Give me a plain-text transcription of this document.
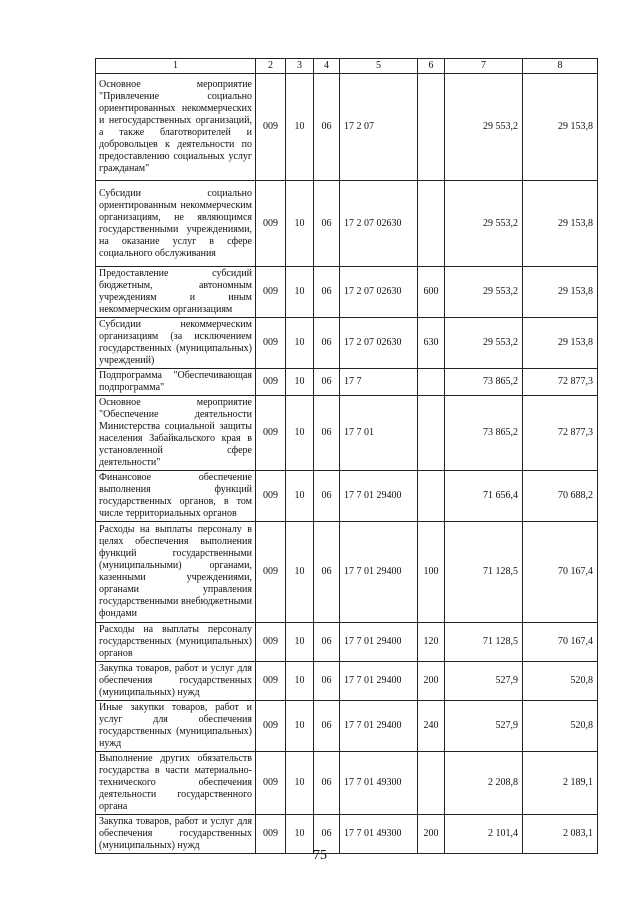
1	2	3	4	5	6	7	8
Основное мероприятие "Привлечение социально ориентированных некоммерческих и негосударственных организаций, а также благотворителей и добровольцев к деятельности по предоставлению социальных услуг гражданам"	009	10	06	17 2 07		29 553,2	29 153,8
Субсидии социально ориентированным некоммерческим организациям, не являющимся государственными учреждениями, на оказание услуг в сфере социального обслуживания	009	10	06	17 2 07 02630		29 553,2	29 153,8
Предоставление субсидий бюджетным, автономным учреждениям и иным некоммерческим организациям	009	10	06	17 2 07 02630	600	29 553,2	29 153,8
Субсидии некоммерческим организациям (за исключением государственных (муниципальных) учреждений)	009	10	06	17 2 07 02630	630	29 553,2	29 153,8
Подпрограмма "Обеспечивающая подпрограмма"	009	10	06	17 7		73 865,2	72 877,3
Основное мероприятие "Обеспечение деятельности Министерства социальной защиты населения Забайкальского края в установленной сфере деятельности"	009	10	06	17 7 01		73 865,2	72 877,3
Финансовое обеспечение выполнения функций государственных органов, в том числе территориальных органов	009	10	06	17 7 01 29400		71 656,4	70 688,2
Расходы на выплаты персоналу в целях обеспечения выполнения функций государственными (муниципальными) органами, казенными учреждениями, органами управления государственными внебюджетными фондами	009	10	06	17 7 01 29400	100	71 128,5	70 167,4
Расходы на выплаты персоналу государственных (муниципальных) органов	009	10	06	17 7 01 29400	120	71 128,5	70 167,4
Закупка товаров, работ и услуг для обеспечения государственных (муниципальных) нужд	009	10	06	17 7 01 29400	200	527,9	520,8
Иные закупки товаров, работ и услуг для обеспечения государственных (муниципальных) нужд	009	10	06	17 7 01 29400	240	527,9	520,8
Выполнение других обязательств государства в части материально-технического обеспечения деятельности государственного органа	009	10	06	17 7 01 49300		2 208,8	2 189,1
Закупка товаров, работ и услуг для обеспечения государственных (муниципальных) нужд	009	10	06	17 7 01 49300	200	2 101,4	2 083,1
75
